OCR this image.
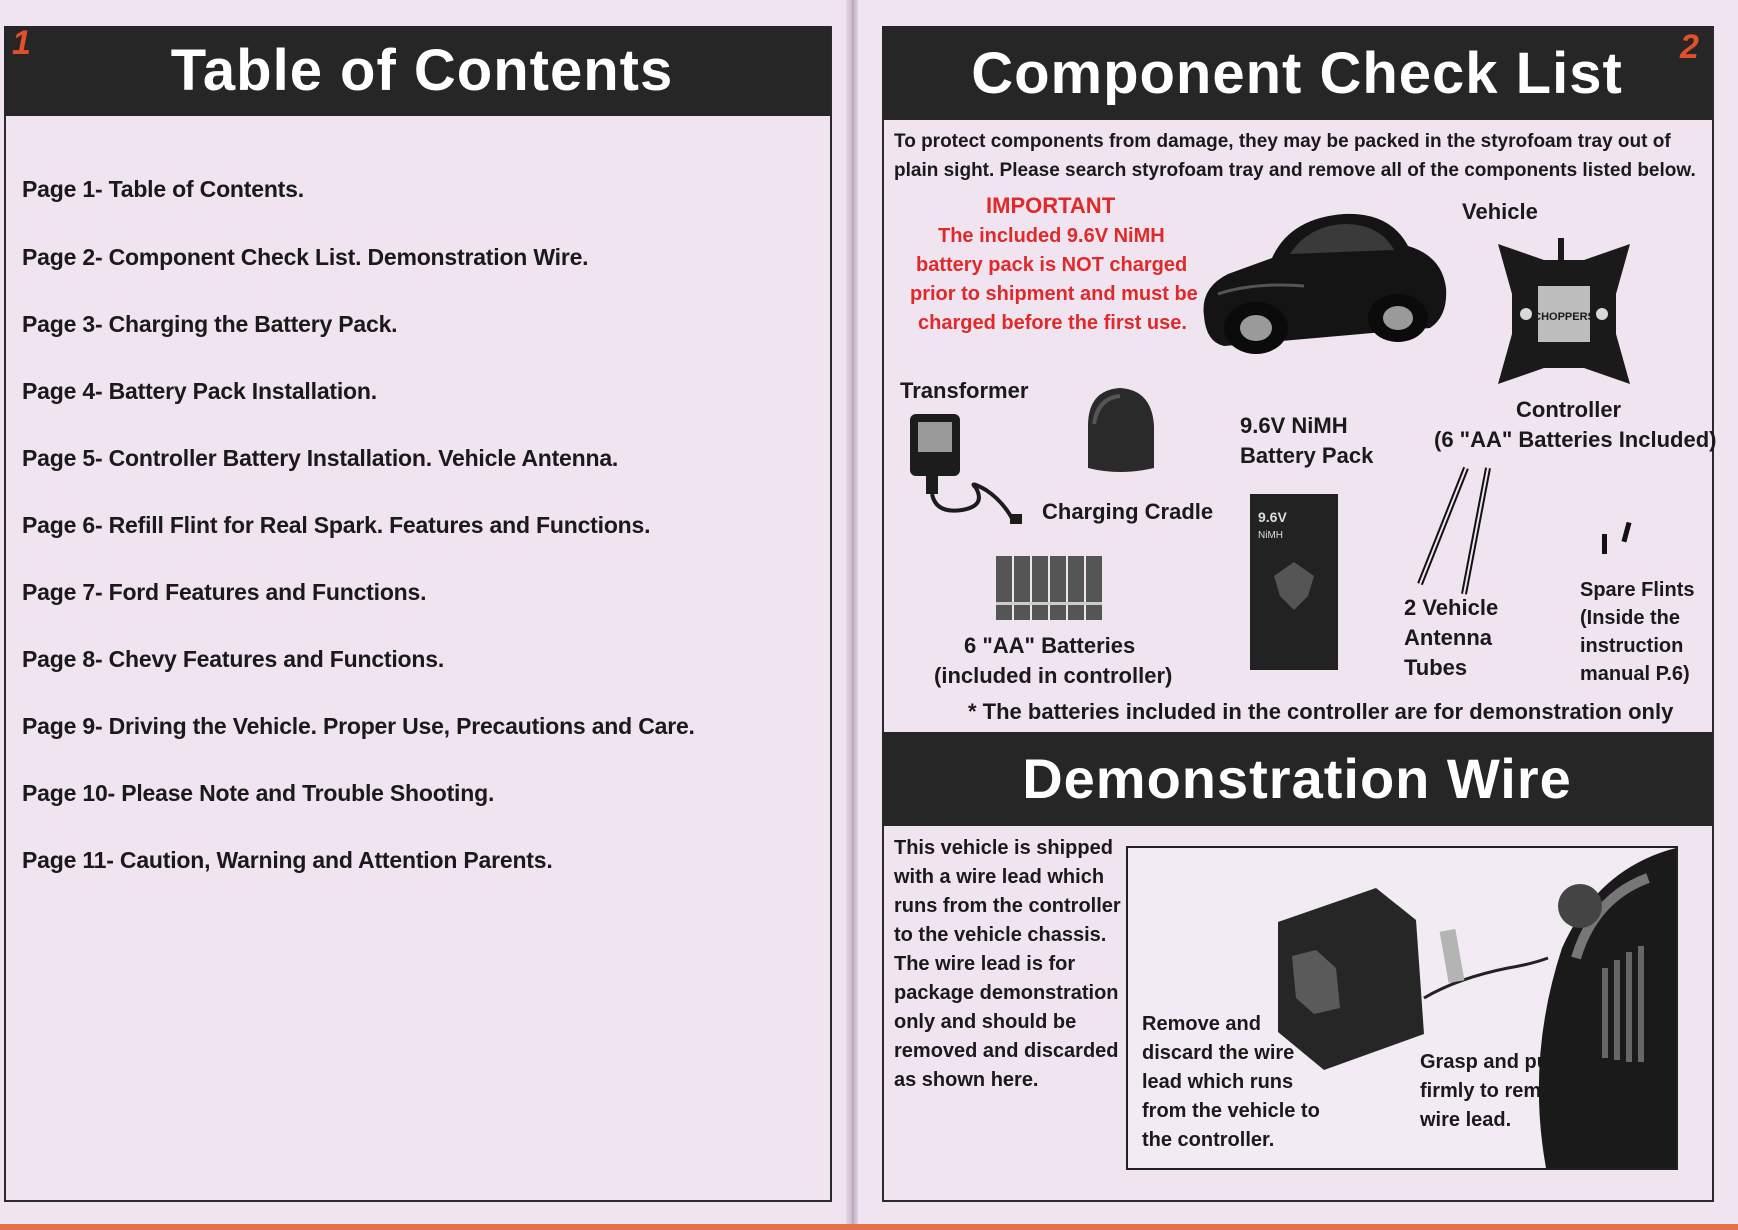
Table of Contents
1
Page 1- Table of Contents.
Page 2- Component Check List. Demonstration Wire.
Page 3- Charging the Battery Pack.
Page 4- Battery Pack Installation.
Page 5- Controller Battery Installation. Vehicle Antenna.
Page 6- Refill Flint for Real Spark. Features and Functions.
Page 7- Ford Features and Functions.
Page 8- Chevy Features and Functions.
Page 9- Driving the Vehicle. Proper Use, Precautions and Care.
Page 10- Please Note and Trouble Shooting.
Page 11- Caution, Warning and Attention Parents.
Component Check List	2
To protect components from damage, they may be packed in the styrofoam tray out of
plain sight. Please search styrofoam tray and remove all of the components listed below.
IMPORTANT
The included 9.6V NiMH
battery pack is NOT charged
prior to shipment and must be
charged before the first use.
Vehicle
CHOPPERS
Controller
(6 "AA" Batteries Included)
Transformer
Charging Cradle
6 "AA" Batteries
(included in controller)
9.6V NiMH
Battery Pack
9.6V
NiMH
2 Vehicle
Antenna
Tubes
Spare Flints
(Inside the
instruction
manual P.6)
* The batteries included in the controller are for demonstration only
Demonstration Wire
This vehicle is shipped
with a wire lead which
runs from the controller
to the vehicle chassis.
The wire lead is for
package demonstration
only and should be
removed and discarded
as shown here.
Remove and
discard the wire
lead which runs
from the vehicle to
the controller.
Grasp and pull
firmly to remove
wire lead.
